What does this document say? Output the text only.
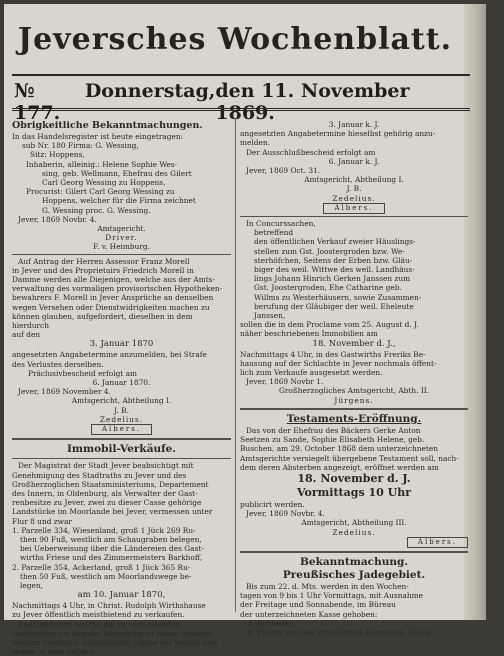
Jeversches Wochenblatt.
№ 177.
Donnerstag, den 11. November 1869.
Obrigkeitliche Bekanntmachungen.
In das Handelsregister ist heute eingetragen:
sub Nr. 180 Firma: G. Wessing,
Sitz: Hoppens,
Inhaberin, alleinig.: Helene Sophie Wes-
sing, geb. Wellmann, Ehefrau des Gilert
Carl Georg Wessing zu Hoppens,
Procurist: Gilert Carl Georg Wessing zu
Hoppens, welcher für die Firma zeichnet
G. Wessing proc. G. Wessing.
Jever, 1869 Novbr. 4.
Amtsgericht.
Driver.
F. v. Heimburg.
Auf Antrag der Herren Assessor Franz Morell
in Jever und des Proprietairs Friedrich Morell in
Damme werden alle Diejenigen, welche aus der Amts-
verwaltung des vormaligen provisorischen Hypotheken-
bewahrers F. Morell in Jever Ansprüche an denselben
wegen Versehen oder Dienstwidrigkeiten machen zu
können glauben, aufgefordert, dieselben in dem hierdurch
auf den
3. Januar 1870
angesetzten Angabetermine anzumelden, bei Strafe
des Verlustes derselben.
Präclusivbescheid erfolgt am
6. Januar 1870.
Jever, 1869 November 4.
Amtsgericht, Abtheilung I.
J. B.
Zedelius.
Albers.
Immobil-Verkäufe.
Der Magistrat der Stadt Jever beabsichtigt mit
Genehmigung des Stadtraths zu Jever und des
Großherzoglichen Staatsministeriums, Departement
des Innern, in Oldenburg, als Verwalter der Gast-
renbesitze zu Jever, zwei zu dieser Casse gehörige
Landstücke im Moorlande bei Jever, vermessen unter
Flur 8 und zwar
1. Parzelle 334, Wiesenland, groß 1 Jück 269 Ru-
then 90 Fuß, westlich am Schaugraben belegen,
bei Ueberweisung über die Ländereien des Gast-
wirths Friese und des Zimmermeisters Barkhoff,
2. Parzelle 354, Ackerland, groß 1 Jück 365 Ru-
then 50 Fuß, westlich am Moorlandswege be-
legen,
am 10. Januar 1870,
Nachmittags 4 Uhr, in Christ. Rudolph Wirthshause
zu Jever öffentlich meistbietend zu verkaufen.
Kaufliebhaber, welche die zu verkaufenden
Landstücke vor Abgabe Ansprüche zu haben glauben,
werden hierdurch aufgefordert, solche bei Verlust der-
selben in dem auf den
3. Januar k. J.
angesetzten Angabetermine hieselbst gehörig anzu-
melden.
Der Ausschlußbescheid erfolgt am
6. Januar k. J.
Jever, 1869 Oct. 31.
Amtsgericht, Abtheilung I.
J. B.
Zedelius.
Albers.
In Concurssachen,
betreffend
den öffentlichen Verkauf zweier Häuslings-
stellen zum Gst. Joostergroden bzw. We-
sterhöfchen, Seitens der Erben bzw. Gläu-
biger des weil. Wittwe des weil. Landhäus-
lings Johann Hinrich Gerken Janssen zum
Gst. Joostergroden, Ehe Catharine geb.
Willms zu Westerhäusern, sowie Zusammen-
berufung der Gläubiger der weil. Eheleute
Janssen,
sollen die in dem Proclame vom 25. August d. J.
näher beschriebenen Immobilien am
18. November d. J.,
Nachmittags 4 Uhr, in des Gastwirths Freriks Be-
hausung auf der Schlachte in Jever nochmals öffent-
lich zum Verkaufe ausgesetzt werden.
Jever, 1869 Novbr 1.
Großherzogliches Amtsgericht, Abth. II.
Jürgens.
Testaments-Eröffnung.
Das von der Ehefrau des Bäckers Gerke Anton
Seetzen zu Sande, Sophie Elisabeth Helene, geb.
Buschen, am 29. October 1868 dem unterzeichneten
Amtsgerichte versiegelt übergebene Testament soll, nach-
dem deren Absterben angezeigt, eröffnet werden am
18. November d. J.
Vormittags 10 Uhr
publicirt werden.
Jever, 1869 Novbr. 4.
Amtsgericht, Abtheilung III.
Zedelius.
Albers.
Bekanntmachung.
Preußisches Jadegebiet.
Bis zum 22. d. Mts. werden in den Wochen-
tagen von 9 bis 1 Uhr Vormittags, mit Ausnahme
der Freitage und Sonnabende, im Büreau
der unterzeichneten Kasse gehoben:
a. Erbheuer,
b. Pächte von den Preußischen Domainen, Stück-
